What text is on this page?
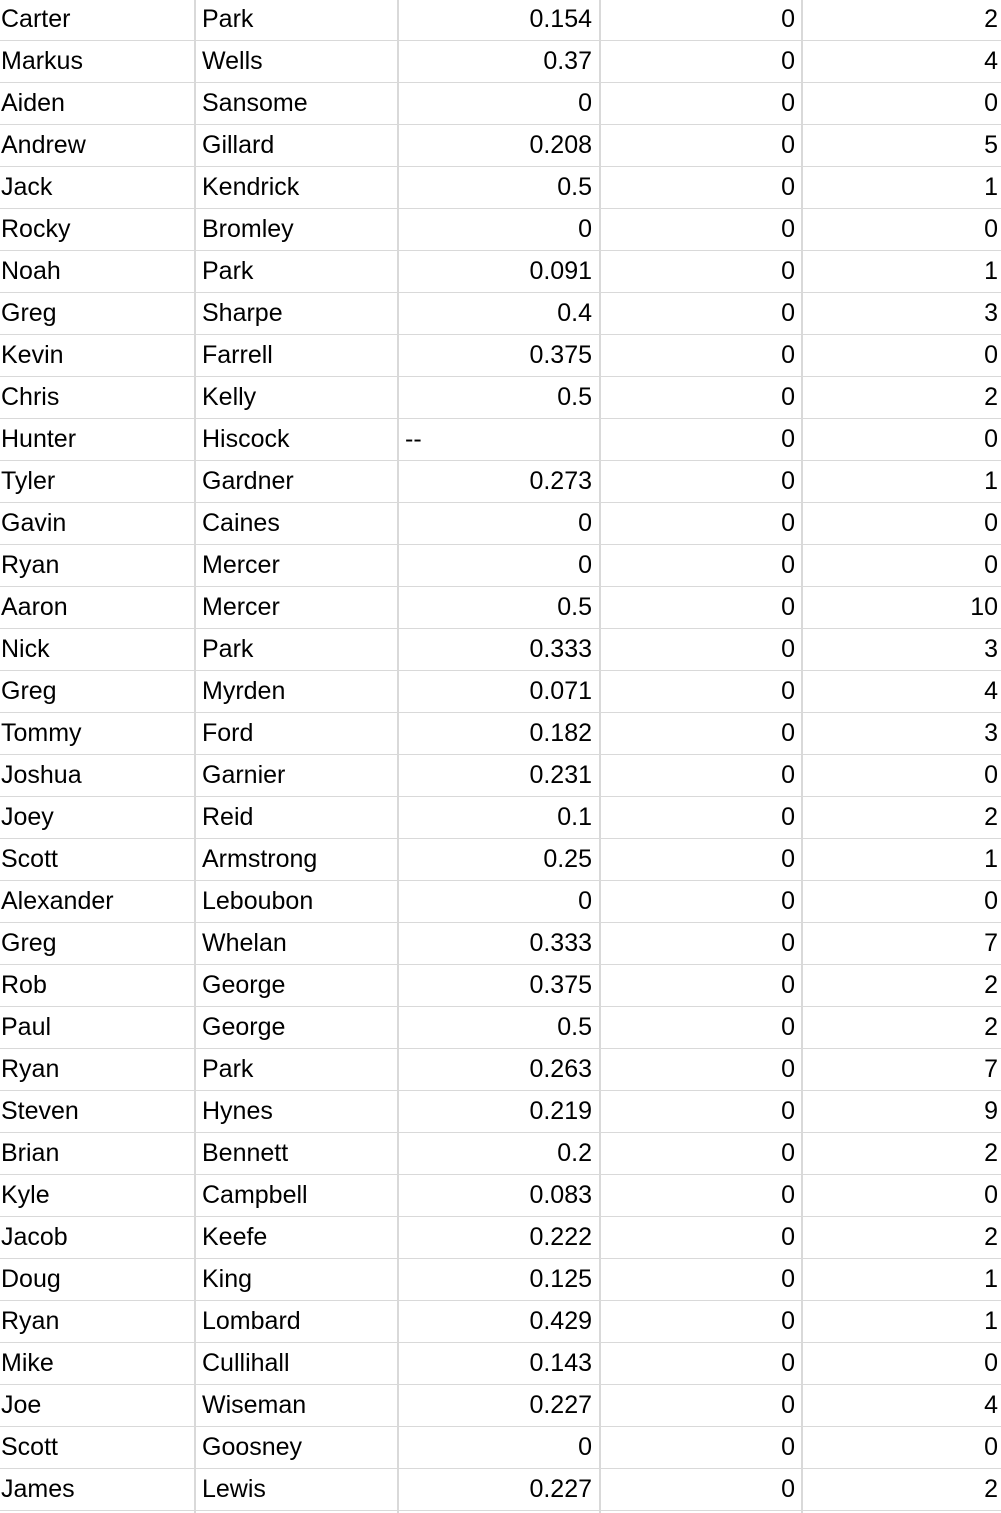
Carter	Park	0.154	0	2
Markus	Wells	0.37	0	4
Aiden	Sansome	0	0	0
Andrew	Gillard	0.208	0	5
Jack	Kendrick	0.5	0	1
Rocky	Bromley	0	0	0
Noah	Park	0.091	0	1
Greg	Sharpe	0.4	0	3
Kevin	Farrell	0.375	0	0
Chris	Kelly	0.5	0	2
Hunter	Hiscock	--	0	0
Tyler	Gardner	0.273	0	1
Gavin	Caines	0	0	0
Ryan	Mercer	0	0	0
Aaron	Mercer	0.5	0	10
Nick	Park	0.333	0	3
Greg	Myrden	0.071	0	4
Tommy	Ford	0.182	0	3
Joshua	Garnier	0.231	0	0
Joey	Reid	0.1	0	2
Scott	Armstrong	0.25	0	1
Alexander	Leboubon	0	0	0
Greg	Whelan	0.333	0	7
Rob	George	0.375	0	2
Paul	George	0.5	0	2
Ryan	Park	0.263	0	7
Steven	Hynes	0.219	0	9
Brian	Bennett	0.2	0	2
Kyle	Campbell	0.083	0	0
Jacob	Keefe	0.222	0	2
Doug	King	0.125	0	1
Ryan	Lombard	0.429	0	1
Mike	Cullihall	0.143	0	0
Joe	Wiseman	0.227	0	4
Scott	Goosney	0	0	0
James	Lewis	0.227	0	2
